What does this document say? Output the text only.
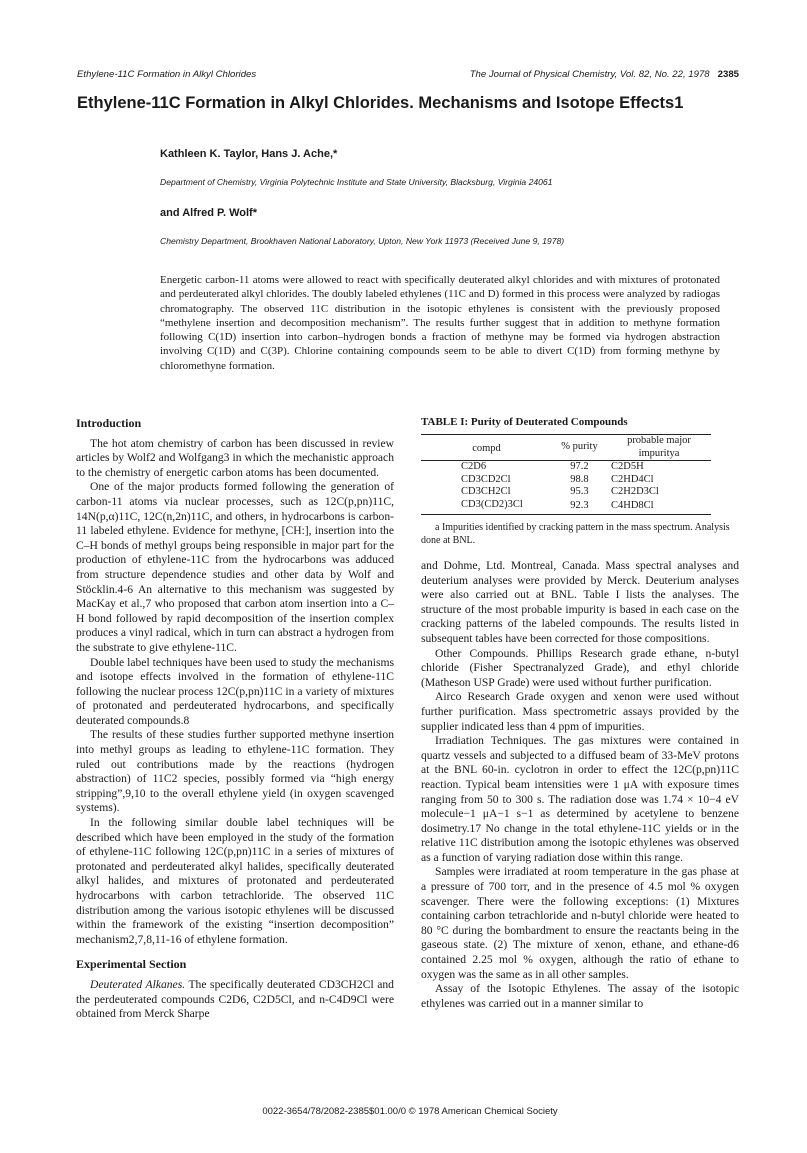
Ethylene-11C Formation in Alkyl Chlorides	The Journal of Physical Chemistry, Vol. 82, No. 22, 1978 2385
Ethylene-11C Formation in Alkyl Chlorides. Mechanisms and Isotope Effects1
Kathleen K. Taylor, Hans J. Ache,*
Department of Chemistry, Virginia Polytechnic Institute and State University, Blacksburg, Virginia 24061
and Alfred P. Wolf*
Chemistry Department, Brookhaven National Laboratory, Upton, New York 11973 (Received June 9, 1978)
Energetic carbon-11 atoms were allowed to react with specifically deuterated alkyl chlorides and with mixtures of protonated and perdeuterated alkyl chlorides. The doubly labeled ethylenes (11C and D) formed in this process were analyzed by radiogas chromatography. The observed 11C distribution in the isotopic ethylenes is consistent with the previously proposed “methylene insertion and decomposition mechanism”. The results further suggest that in addition to methyne formation following C(1D) insertion into carbon–hydrogen bonds a fraction of methyne may be formed via hydrogen abstraction involving C(1D) and C(3P). Chlorine containing compounds seem to be able to divert C(1D) from forming methyne by chloromethyne formation.
Introduction

The hot atom chemistry of carbon has been discussed in review articles by Wolf2 and Wolfgang3 in which the mechanistic approach to the chemistry of energetic carbon atoms has been documented.

One of the major products formed following the generation of carbon-11 atoms via nuclear processes, such as 12C(p,pn)11C, 14N(p,α)11C, 12C(n,2n)11C, and others, in hydrocarbons is carbon-11 labeled ethylene. Evidence for methyne, [CH:], insertion into the C–H bonds of methyl groups being responsible in major part for the production of ethylene-11C from the hydrocarbons was adduced from structure dependence studies and other data by Wolf and Stöcklin.4-6 An alternative to this mechanism was suggested by MacKay et al.,7 who proposed that carbon atom insertion into a C–H bond followed by rapid decomposition of the insertion complex produces a vinyl radical, which in turn can abstract a hydrogen from the substrate to give ethylene-11C.

Double label techniques have been used to study the mechanisms and isotope effects involved in the formation of ethylene-11C following the nuclear process 12C(p,pn)11C in a variety of mixtures of protonated and perdeuterated hydrocarbons, and specifically deuterated compounds.8

The results of these studies further supported methyne insertion into methyl groups as leading to ethylene-11C formation. They ruled out contributions made by the reactions (hydrogen abstraction) of 11C2 species, possibly formed via “high energy stripping”,9,10 to the overall ethylene yield (in oxygen scavenged systems).

In the following similar double label techniques will be described which have been employed in the study of the formation of ethylene-11C following 12C(p,pn)11C in a series of mixtures of protonated and perdeuterated alkyl halides, specifically deuterated alkyl halides, and mixtures of protonated and perdeuterated hydrocarbons with carbon tetrachloride. The observed 11C distribution among the various isotopic ethylenes will be discussed within the framework of the existing “insertion decomposition” mechanism2,7,8,11-16 of ethylene formation.

Experimental Section

Deuterated Alkanes. The specifically deuterated CD3CH2Cl and the perdeuterated compounds C2D6, C2D5Cl, and n-C4D9Cl were obtained from Merck Sharpe

TABLE I: Purity of Deuterated Compounds
compd	% purity	probable major impuritya
C2D6	97.2	C2D5H
CD3CD2Cl	98.8	C2HD4Cl
CD3CH2Cl	95.3	C2H2D3Cl
CD3(CD2)3Cl	92.3	C4HD8Cl
a Impurities identified by cracking pattern in the mass spectrum. Analysis done at BNL.

and Dohme, Ltd. Montreal, Canada. Mass spectral analyses and deuterium analyses were provided by Merck. Deuterium analyses were also carried out at BNL. Table I lists the analyses. The structure of the most probable impurity is based in each case on the cracking patterns of the labeled compounds. The results listed in subsequent tables have been corrected for those compositions.

Other Compounds. Phillips Research grade ethane, n-butyl chloride (Fisher Spectranalyzed Grade), and ethyl chloride (Matheson USP Grade) were used without further purification.

Airco Research Grade oxygen and xenon were used without further purification. Mass spectrometric assays provided by the supplier indicated less than 4 ppm of impurities.

Irradiation Techniques. The gas mixtures were contained in quartz vessels and subjected to a diffused beam of 33-MeV protons at the BNL 60-in. cyclotron in order to effect the 12C(p,pn)11C reaction. Typical beam intensities were 1 μA with exposure times ranging from 50 to 300 s. The radiation dose was 1.74 × 10−4 eV molecule−1 μA−1 s−1 as determined by acetylene to benzene dosimetry.17 No change in the total ethylene-11C yields or in the relative 11C distribution among the isotopic ethylenes was observed as a function of varying radiation dose within this range.

Samples were irradiated at room temperature in the gas phase at a pressure of 700 torr, and in the presence of 4.5 mol % oxygen scavenger. There were the following exceptions: (1) Mixtures containing carbon tetrachloride and n-butyl chloride were heated to 80 °C during the bombardment to ensure the reactants being in the gaseous state. (2) The mixture of xenon, ethane, and ethane-d6 contained 2.25 mol % oxygen, although the ratio of ethane to oxygen was the same as in all other samples.

Assay of the Isotopic Ethylenes. The assay of the isotopic ethylenes was carried out in a manner similar to

0022-3654/78/2082-2385$01.00/0 © 1978 American Chemical Society
